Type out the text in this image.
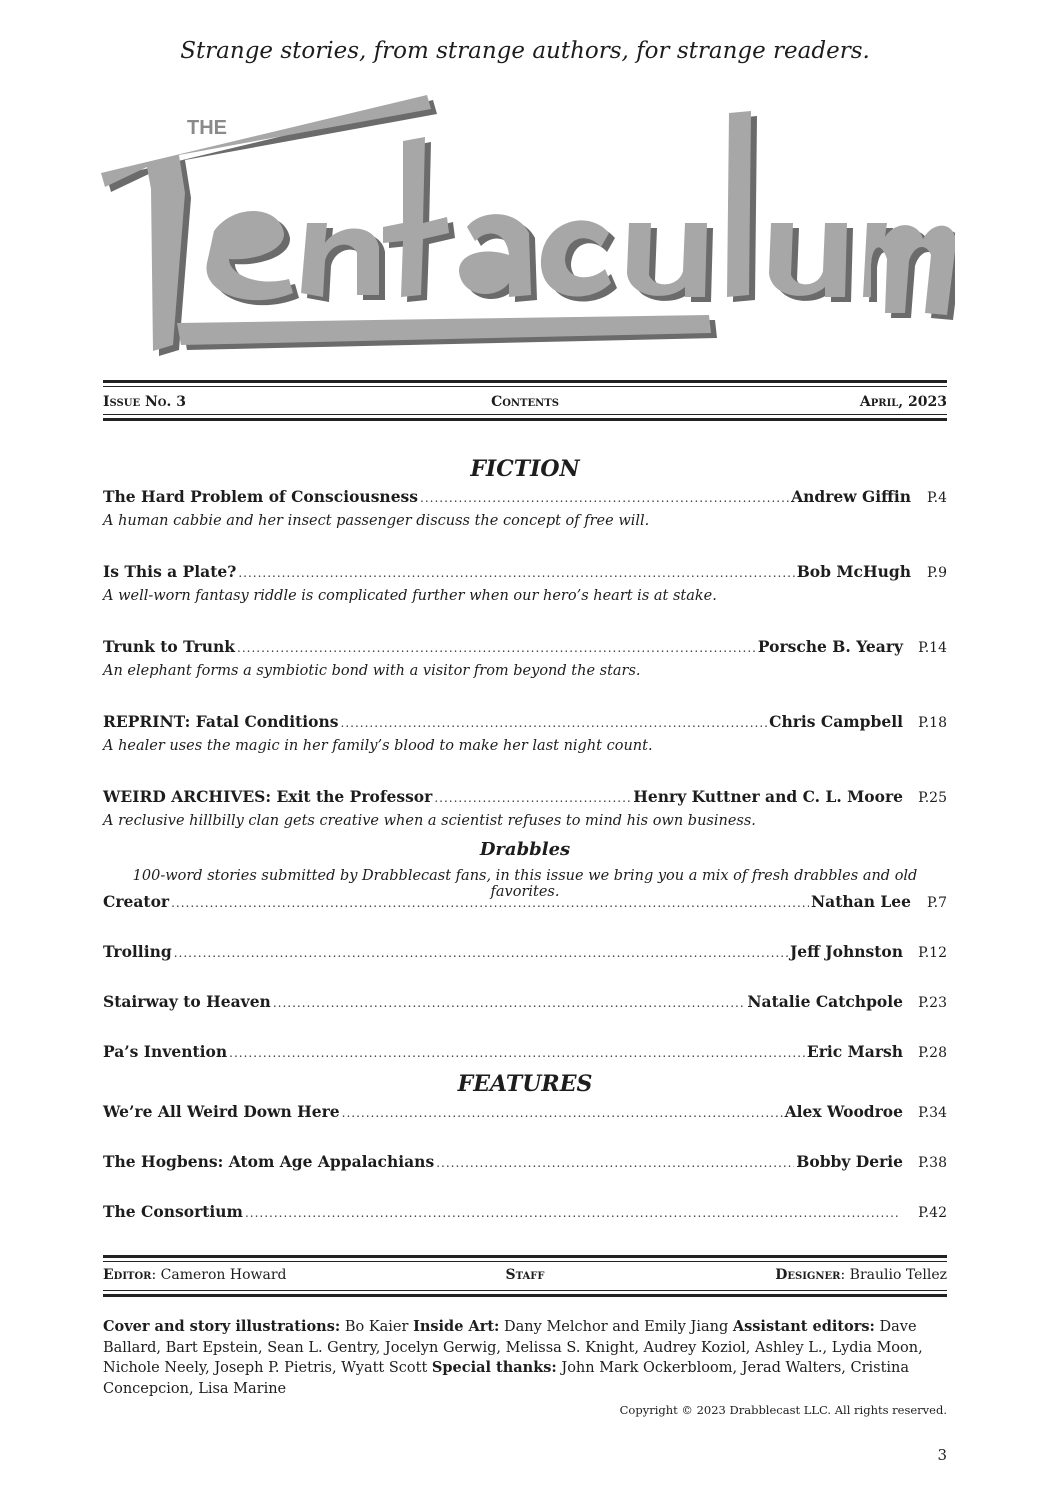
Strange stories, from strange authors, for strange readers.
THE
Issue No. 3	Contents	April, 2023
FICTION
The Hard Problem of Consciousness .....	Andrew Giffin	P.4
A human cabbie and her insect passenger discuss the concept of free will.
Is This a Plate? .....	Bob McHugh	P.9
A well-worn fantasy riddle is complicated further when our hero’s heart is at stake.
Trunk to Trunk .....	Porsche B. Yeary	P.14
An elephant forms a symbiotic bond with a visitor from beyond the stars.
REPRINT: Fatal Conditions .....	Chris Campbell	P.18
A healer uses the magic in her family’s blood to make her last night count.
WEIRD ARCHIVES: Exit the Professor .....	Henry Kuttner and C. L. Moore	P.25
A reclusive hillbilly clan gets creative when a scientist refuses to mind his own business.
Drabbles
100-word stories submitted by Drabblecast fans, in this issue we bring you a mix of fresh drabbles and old favorites.
Creator .....	Nathan Lee	P.7
Trolling .....	Jeff Johnston	P.12
Stairway to Heaven .....	Natalie Catchpole	P.23
Pa’s Invention .....	Eric Marsh	P.28
FEATURES
We’re All Weird Down Here .....	Alex Woodroe	P.34
The Hogbens: Atom Age Appalachians .....	Bobby Derie	P.38
The Consortium .....	P.42
Editor: Cameron Howard	Staff	Designer: Braulio Tellez
Cover and story illustrations: Bo Kaier Inside Art: Dany Melchor and Emily Jiang Assistant editors: Dave Ballard, Bart Epstein, Sean L. Gentry, Jocelyn Gerwig, Melissa S. Knight, Audrey Koziol, Ashley L., Lydia Moon, Nichole Neely, Joseph P. Pietris, Wyatt Scott Special thanks: John Mark Ockerbloom, Jerad Walters, Cristina Concepcion, Lisa Marine
Copyright © 2023 Drabblecast LLC. All rights reserved.
3
